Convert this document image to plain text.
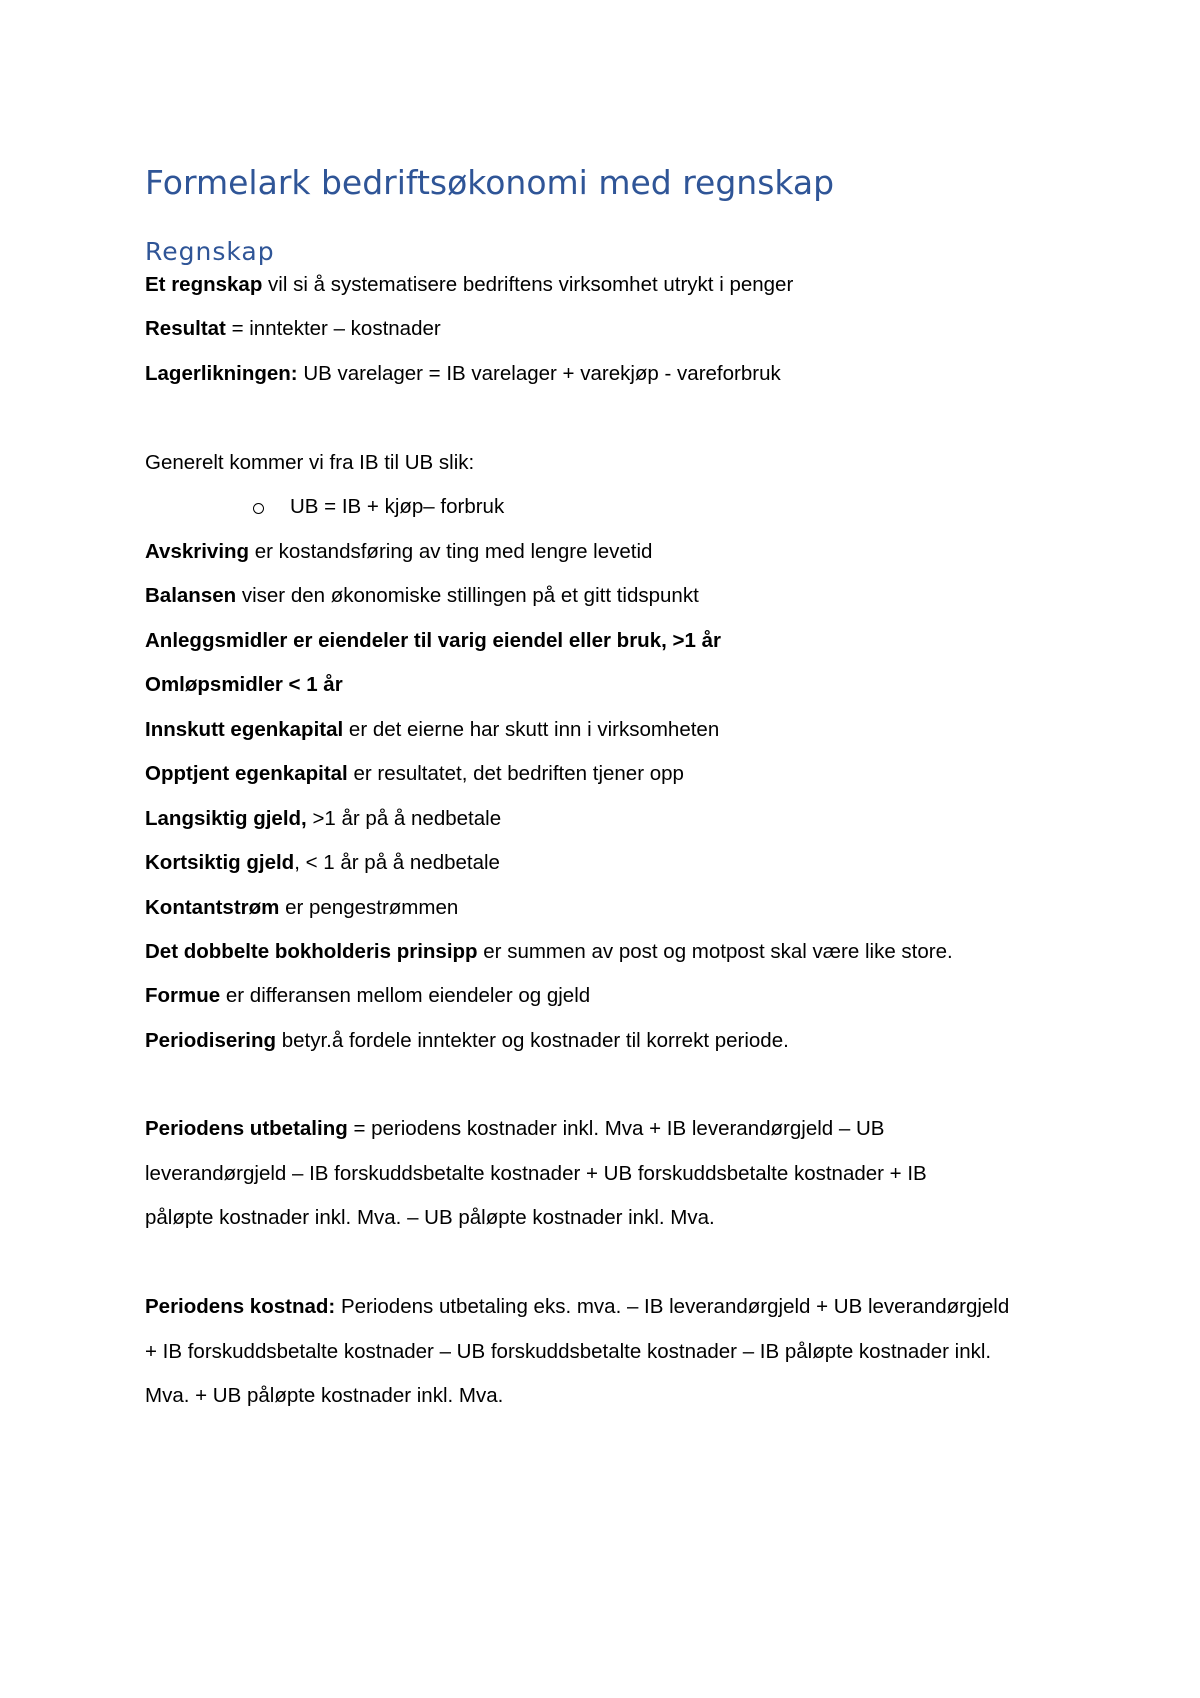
Formelark bedriftsøkonomi med regnskap
Regnskap
Et regnskap vil si å systematisere bedriftens virksomhet utrykt i penger
Resultat = inntekter – kostnader
Lagerlikningen: UB varelager = IB varelager + varekjøp - vareforbruk
Generelt kommer vi fra IB til UB slik:
UB = IB + kjøp– forbruk
Avskriving er kostandsføring av ting med lengre levetid
Balansen viser den økonomiske stillingen på et gitt tidspunkt
Anleggsmidler er eiendeler til varig eiendel eller bruk, >1 år
Omløpsmidler < 1 år
Innskutt egenkapital er det eierne har skutt inn i virksomheten
Opptjent egenkapital er resultatet, det bedriften tjener opp
Langsiktig gjeld, >1 år på å nedbetale
Kortsiktig gjeld, < 1 år på å nedbetale
Kontantstrøm er pengestrømmen
Det dobbelte bokholderis prinsipp er summen av post og motpost skal være like store.
Formue er differansen mellom eiendeler og gjeld
Periodisering betyr.å fordele inntekter og kostnader til korrekt periode.
Periodens utbetaling = periodens kostnader inkl. Mva + IB leverandørgjeld – UB
leverandørgjeld – IB forskuddsbetalte kostnader + UB forskuddsbetalte kostnader + IB
påløpte kostnader inkl. Mva. – UB påløpte kostnader inkl. Mva.
Periodens kostnad: Periodens utbetaling eks. mva. – IB leverandørgjeld + UB leverandørgjeld
+ IB forskuddsbetalte kostnader – UB forskuddsbetalte kostnader – IB påløpte kostnader inkl.
Mva. + UB påløpte kostnader inkl. Mva.
